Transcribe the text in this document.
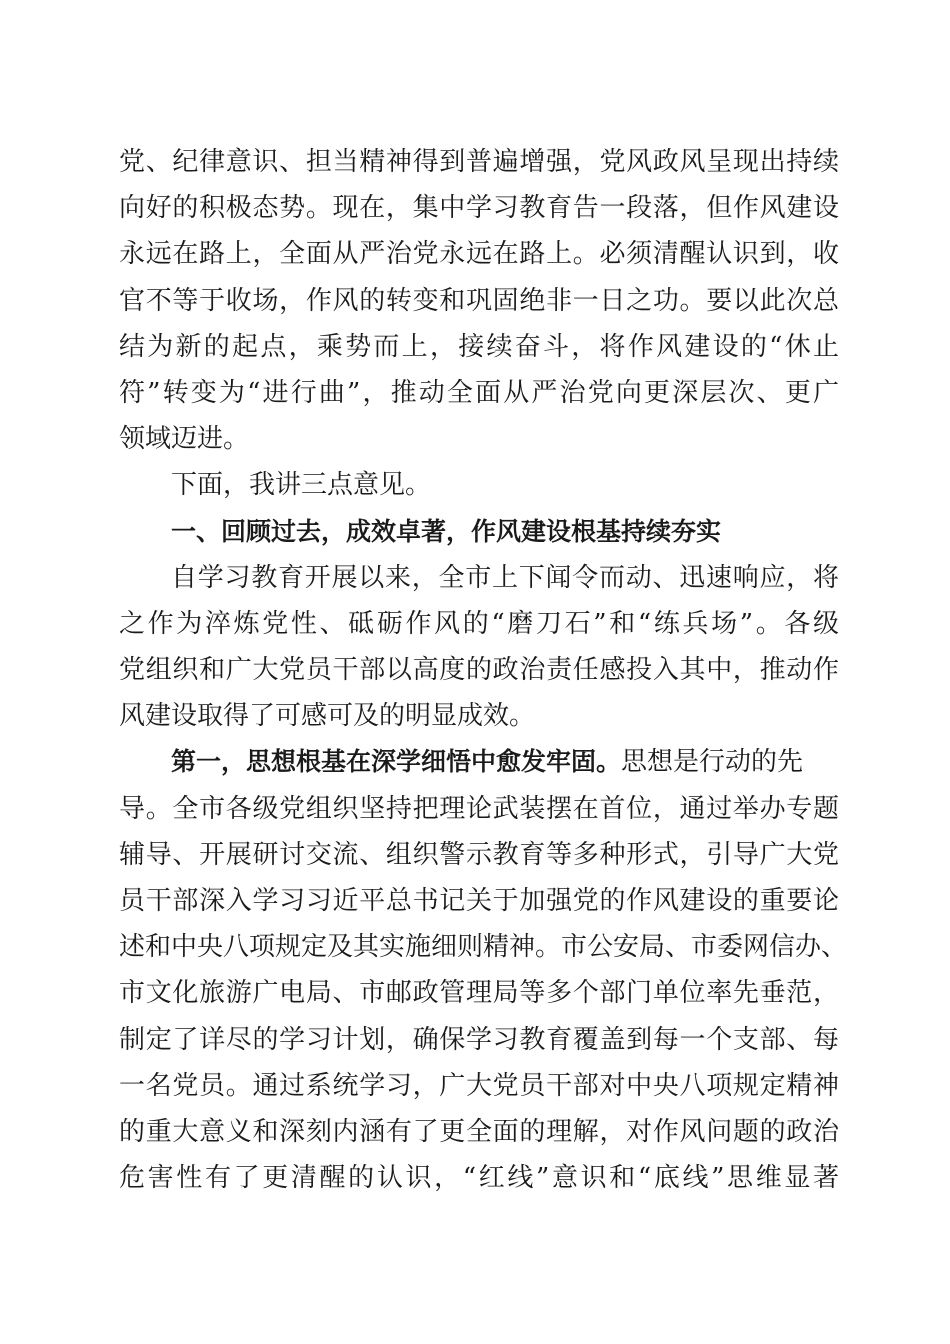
党、纪律意识、担当精神得到普遍增强，党风政风呈现出持续
向好的积极态势。现在，集中学习教育告一段落，但作风建设
永远在路上，全面从严治党永远在路上。必须清醒认识到，收
官不等于收场，作风的转变和巩固绝非一日之功。要以此次总
结为新的起点，乘势而上，接续奋斗，将作风建设的“休止
符”转变为“进行曲”，推动全面从严治党向更深层次、更广
领域迈进。
下面，我讲三点意见。
一、回顾过去，成效卓著，作风建设根基持续夯实
自学习教育开展以来，全市上下闻令而动、迅速响应，将
之作为淬炼党性、砥砺作风的“磨刀石”和“练兵场”。各级
党组织和广大党员干部以高度的政治责任感投入其中，推动作
风建设取得了可感可及的明显成效。
第一，思想根基在深学细悟中愈发牢固。思想是行动的先
导。全市各级党组织坚持把理论武装摆在首位，通过举办专题
辅导、开展研讨交流、组织警示教育等多种形式，引导广大党
员干部深入学习习近平总书记关于加强党的作风建设的重要论
述和中央八项规定及其实施细则精神。市公安局、市委网信办、
市文化旅游广电局、市邮政管理局等多个部门单位率先垂范，
制定了详尽的学习计划，确保学习教育覆盖到每一个支部、每
一名党员。通过系统学习，广大党员干部对中央八项规定精神
的重大意义和深刻内涵有了更全面的理解，对作风问题的政治
危害性有了更清醒的认识，“红线”意识和“底线”思维显著
